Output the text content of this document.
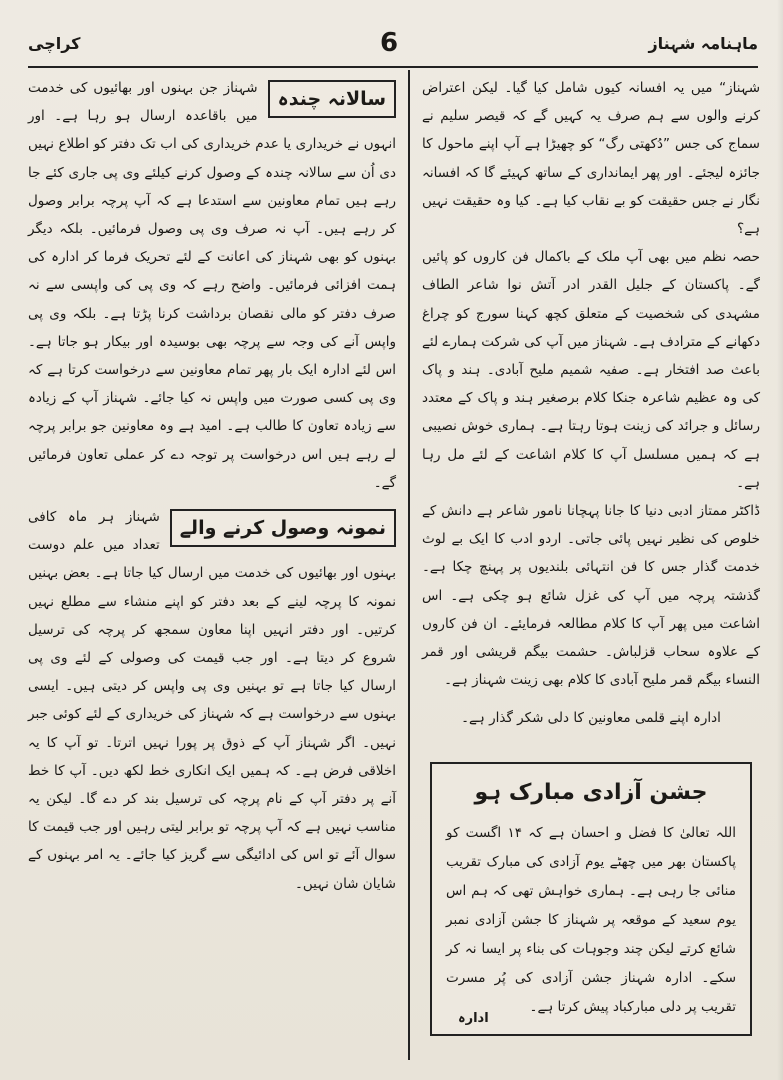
ماہنامہ شہناز
6
کراچی

شہناز“ میں یہ افسانہ کیوں شامل کیا گیا۔ لیکن اعتراض کرنے والوں سے ہم صرف یہ کہیں گے کہ قیصر سلیم نے سماج کی جس ”دُکھتی رگ“ کو چھیڑا ہے آپ اپنے ماحول کا جائزہ لیجئے۔ اور پھر ایمانداری کے ساتھ کہیئے گا کہ افسانہ نگار نے جس حقیقت کو بے نقاب کیا ہے۔ کیا وہ حقیقت نہیں ہے؟

حصہ نظم میں بھی آپ ملک کے باکمال فن کاروں کو پائیں گے۔ پاکستان کے جلیل القدر ادر آتش نوا شاعر الطاف مشہدی کی شخصیت کے متعلق کچھ کہنا سورج کو چراغ دکھانے کے مترادف ہے۔ شہناز میں آپ کی شرکت ہمارے لئے باعث صد افتخار ہے۔ صفیہ شمیم ملیح آبادی۔ ہند و پاک کی وہ عظیم شاعرہ جنکا کلام برصغیر ہند و پاک کے معتدد رسائل و جرائد کی زینت ہوتا رہتا ہے۔ ہماری خوش نصیبی ہے کہ ہمیں مسلسل آپ کا کلام اشاعت کے لئے مل رہا ہے۔

ڈاکٹر ممتاز ادبی دنیا کا جانا پہچانا نامور شاعر ہے دانش کے خلوص کی نظیر نہیں پائی جاتی۔ اردو ادب کا ایک بے لوث خدمت گذار جس کا فن انتہائی بلندیوں پر پہنچ چکا ہے۔ گذشتہ پرچہ میں آپ کی غزل شائع ہو چکی ہے۔ اس اشاعت میں پھر آپ کا کلام مطالعہ فرمایئے۔ ان فن کاروں کے علاوہ سحاب قزلباش۔ حشمت بیگم قریشی اور قمر النساء بیگم قمر ملیح آبادی کا کلام بھی زینت شہناز ہے۔

ادارہ اپنے قلمی معاونین کا دلی شکر گذار ہے۔

سالانہ چندہ

شہناز جن بہنوں اور بھائیوں کی خدمت میں باقاعدہ ارسال ہو رہا ہے۔ اور انہوں نے خریداری یا عدم خریداری کی اب تک دفتر کو اطلاع نہیں دی اُن سے سالانہ چندہ کے وصول کرنے کیلئے وی پی جاری کئے جا رہے ہیں تمام معاونین سے استدعا ہے کہ آپ پرچہ برابر وصول کر رہے ہیں۔ آپ نہ صرف وی پی وصول فرمائیں۔ بلکہ دیگر بہنوں کو بھی شہناز کی اعانت کے لئے تحریک فرما کر ادارہ کی ہمت افزائی فرمائیں۔ واضح رہے کہ وی پی کی واپسی سے نہ صرف دفتر کو مالی نقصان برداشت کرنا پڑتا ہے۔ بلکہ وی پی واپس آنے کی وجہ سے پرچہ بھی بوسیدہ اور بیکار ہو جاتا ہے۔ اس لئے ادارہ ایک بار پھر تمام معاونین سے درخواست کرتا ہے کہ وی پی کسی صورت میں واپس نہ کیا جائے۔ شہناز آپ کے زیادہ سے زیادہ تعاون کا طالب ہے۔ امید ہے وہ معاونین جو برابر پرچہ لے رہے ہیں اس درخواست پر توجہ دے کر عملی تعاون فرمائیں گے۔

نمونہ وصول کرنے والے

شہناز ہر ماہ کافی تعداد میں علم دوست بہنوں اور بھائیوں کی خدمت میں ارسال کیا جاتا ہے۔ بعض بہنیں نمونہ کا پرچہ لینے کے بعد دفتر کو اپنے منشاء سے مطلع نہیں کرتیں۔ اور دفتر انہیں اپنا معاون سمجھ کر پرچہ کی ترسیل شروع کر دیتا ہے۔ اور جب قیمت کی وصولی کے لئے وی پی ارسال کیا جاتا ہے تو بہنیں وی پی واپس کر دیتی ہیں۔ ایسی بہنوں سے درخواست ہے کہ شہناز کی خریداری کے لئے کوئی جبر نہیں۔ اگر شہناز آپ کے ذوق پر پورا نہیں اترتا۔ تو آپ کا یہ اخلاقی فرض ہے۔ کہ ہمیں ایک انکاری خط لکھ دیں۔ آپ کا خط آنے پر دفتر آپ کے نام پرچہ کی ترسیل بند کر دے گا۔ لیکن یہ مناسب نہیں ہے کہ آپ پرچہ تو برابر لیتی رہیں اور جب قیمت کا سوال آئے تو اس کی ادائیگی سے گریز کیا جائے۔ یہ امر بہنوں کے شایان شان نہیں۔

جشن آزادی مبارک ہو
اللہ تعالیٰ کا فضل و احسان ہے کہ ۱۴ اگست کو پاکستان بھر میں چھٹے یوم آزادی کی مبارک تقریب منائی جا رہی ہے۔ ہماری خواہش تھی کہ ہم اس یوم سعید کے موقعہ پر شہناز کا جشن آزادی نمبر شائع کرتے لیکن چند وجوہات کی بناء پر ایسا نہ کر سکے۔ ادارہ شہناز جشن آزادی کی پُر مسرت تقریب پر دلی مبارکباد پیش کرتا ہے۔
ادارہ
